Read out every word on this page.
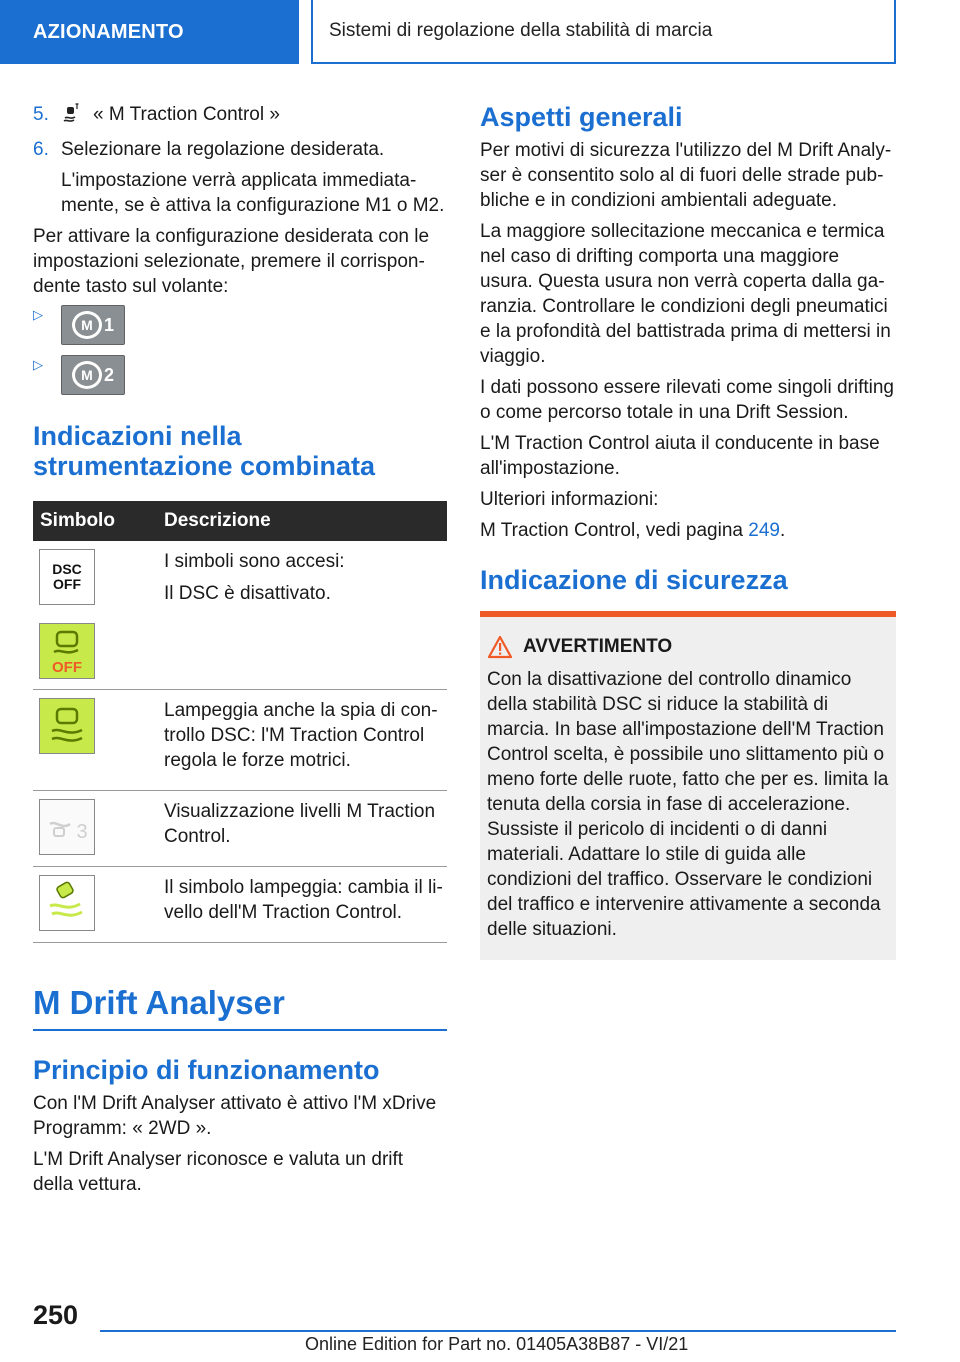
AZIONAMENTO	Sistemi di regolazione della stabilità di marcia
5.	« M Traction Control »
6. Selezionare la regolazione desiderata.

L'impostazione verrà applicata immediatamente, se è attiva la configurazione M1 o M2.

Per attivare la configurazione desiderata con le impostazioni selezionate, premere il corrispondente tasto sul volante:

▷
M 1
▷
M 2
Indicazioni nella strumentazione combinata
Simbolo	Descrizione
DSC OFF
OFF

I simboli sono accesi:

Il DSC è disattivato.

Lampeggia anche la spia di controllo DSC: l'M Traction Control regola le forze motrici.

3

Visualizzazione livelli M Traction Control.

Il simbolo lampeggia: cambia il livello dell'M Traction Control.

M Drift Analyser
Principio di funzionamento

Con l'M Drift Analyser attivato è attivo l'M xDrive Programm: « 2WD ».

L'M Drift Analyser riconosce e valuta un drift della vettura.

Aspetti generali

Per motivi di sicurezza l'utilizzo del M Drift Analyser è consentito solo al di fuori delle strade pubbliche e in condizioni ambientali adeguate.

La maggiore sollecitazione meccanica e termica nel caso di drifting comporta una maggiore usura. Questa usura non verrà coperta dalla garanzia. Controllare le condizioni degli pneumatici e la profondità del battistrada prima di mettersi in viaggio.

I dati possono essere rilevati come singoli drifting o come percorso totale in una Drift Session.

L'M Traction Control aiuta il conducente in base all'impostazione.

Ulteriori informazioni:

M Traction Control, vedi pagina 249.

Indicazione di sicurezza
AVVERTIMENTO

Con la disattivazione del controllo dinamico della stabilità DSC si riduce la stabilità di marcia. In base all'impostazione dell'M Traction Control scelta, è possibile uno slittamento più o meno forte delle ruote, fatto che per es. limita la tenuta della corsia in fase di accelerazione. Sussiste il pericolo di incidenti o di danni materiali. Adattare lo stile di guida alle condizioni del traffico. Osservare le condizioni del traffico e intervenire attivamente a seconda delle situazioni.

250
Online Edition for Part no. 01405A38B87 - VI/21
